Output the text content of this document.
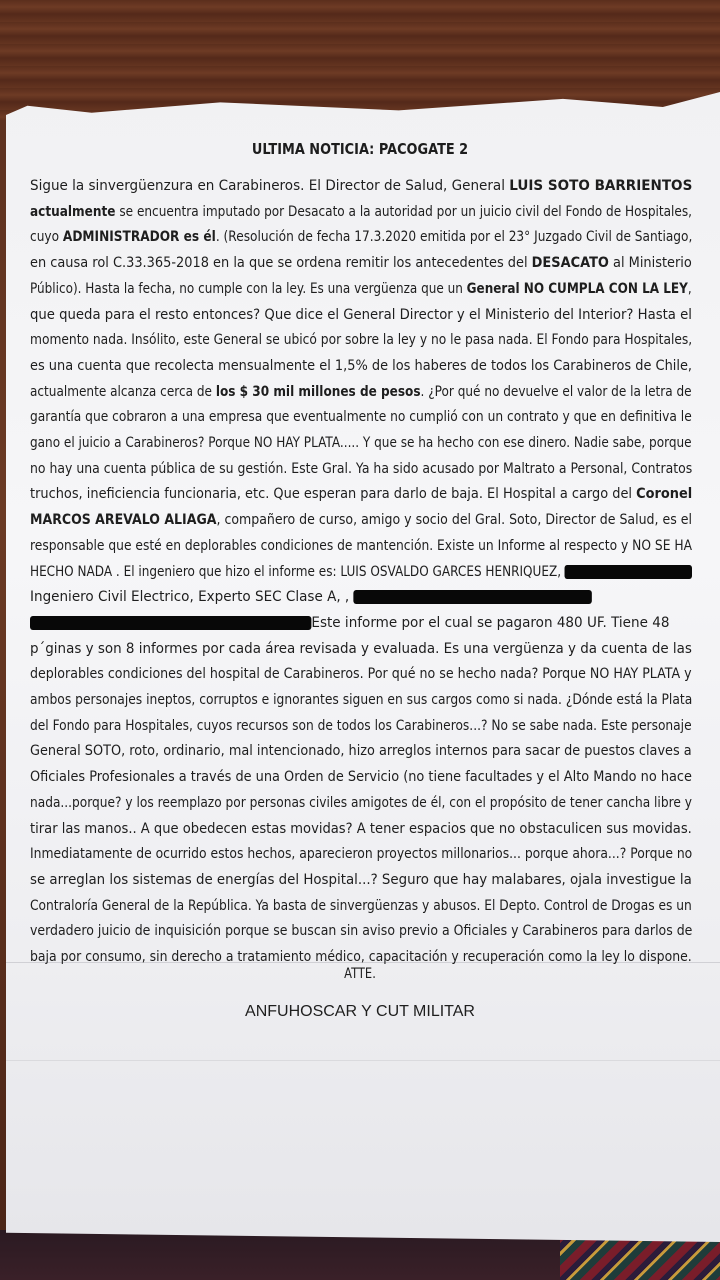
ULTIMA NOTICIA: PACOGATE 2
Sigue la sinvergüenzura en Carabineros. El Director de Salud, General LUIS SOTO BARRIENTOS
actualmente se encuentra imputado por Desacato a la autoridad por un juicio civil del Fondo de Hospitales,
cuyo ADMINISTRADOR es él. (Resolución de fecha 17.3.2020 emitida por el 23° Juzgado Civil de Santiago,
en causa rol C.33.365-2018 en la que se ordena remitir los antecedentes del DESACATO al Ministerio
Público). Hasta la fecha, no cumple con la ley. Es una vergüenza que un General NO CUMPLA CON LA LEY,
que queda para el resto entonces? Que dice el General Director y el Ministerio del Interior? Hasta el
momento nada. Insólito, este General se ubicó por sobre la ley y no le pasa nada. El Fondo para Hospitales,
es una cuenta que recolecta mensualmente el 1,5% de los haberes de todos los Carabineros de Chile,
actualmente alcanza cerca de los $ 30 mil millones de pesos. ¿Por qué no devuelve el valor de la letra de
garantía que cobraron a una empresa que eventualmente no cumplió con un contrato y que en definitiva le
gano el juicio a Carabineros? Porque NO HAY PLATA..... Y que se ha hecho con ese dinero. Nadie sabe, porque
no hay una cuenta pública de su gestión. Este Gral. Ya ha sido acusado por Maltrato a Personal, Contratos
truchos, ineficiencia funcionaria, etc. Que esperan para darlo de baja. El Hospital a cargo del Coronel
MARCOS AREVALO ALIAGA, compañero de curso, amigo y socio del Gral. Soto, Director de Salud, es el
responsable que esté en deplorables condiciones de mantención. Existe un Informe al respecto y NO SE HA
HECHO NADA . El ingeniero que hizo el informe es: LUIS OSVALDO GARCES HENRIQUEZ,
Ingeniero Civil Electrico, Experto SEC Clase A, ,
Este informe por el cual se pagaron 480 UF. Tiene 48
p´ginas y son 8 informes por cada área revisada y evaluada. Es una vergüenza y da cuenta de las
deplorables condiciones del hospital de Carabineros. Por qué no se hecho nada? Porque NO HAY PLATA y
ambos personajes ineptos, corruptos e ignorantes siguen en sus cargos como si nada. ¿Dónde está la Plata
del Fondo para Hospitales, cuyos recursos son de todos los Carabineros...? No se sabe nada. Este personaje
General SOTO, roto, ordinario, mal intencionado, hizo arreglos internos para sacar de puestos claves a
Oficiales Profesionales a través de una Orden de Servicio (no tiene facultades y el Alto Mando no hace
nada...porque? y los reemplazo por personas civiles amigotes de él, con el propósito de tener cancha libre y
tirar las manos.. A que obedecen estas movidas? A tener espacios que no obstaculicen sus movidas.
Inmediatamente de ocurrido estos hechos, aparecieron proyectos millonarios... porque ahora...? Porque no
se arreglan los sistemas de energías del Hospital...? Seguro que hay malabares, ojala investigue la
Contraloría General de la República. Ya basta de sinvergüenzas y abusos. El Depto. Control de Drogas es un
verdadero juicio de inquisición porque se buscan sin aviso previo a Oficiales y Carabineros para darlos de
baja por consumo, sin derecho a tratamiento médico, capacitación y recuperación como la ley lo dispone.
ATTE.
ANFUHOSCAR Y CUT MILITAR
